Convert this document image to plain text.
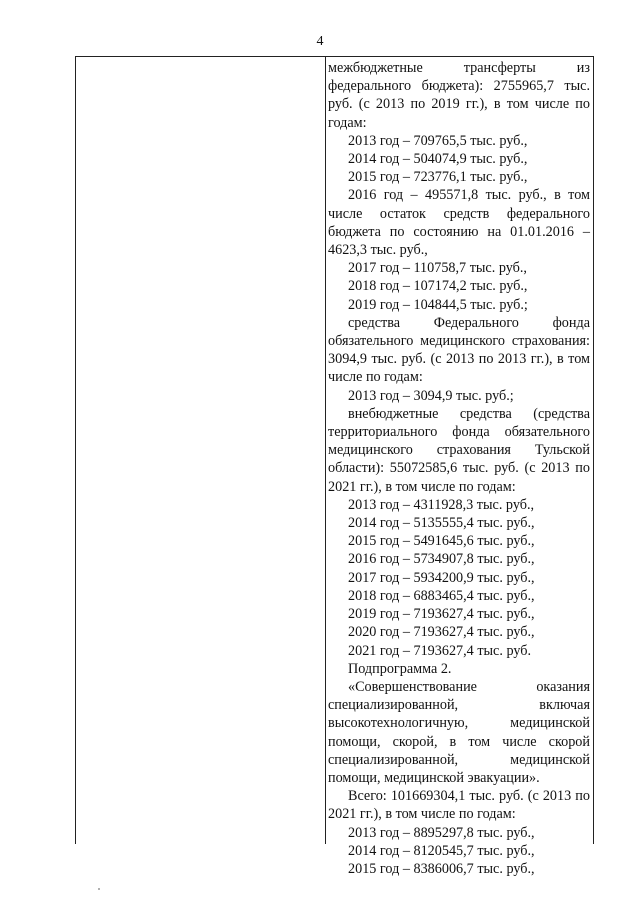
4

межбюджетные трансферты из федерального бюджета): 2755965,7 тыс. руб. (с 2013 по 2019 гг.), в том числе по годам:

2013 год – 709765,5 тыс. руб.,

2014 год – 504074,9 тыс. руб.,

2015 год – 723776,1 тыс. руб.,

2016 год – 495571,8 тыс. руб., в том числе остаток средств федерального бюджета по состоянию на 01.01.2016 – 4623,3 тыс. руб.,

2017 год – 110758,7 тыс. руб.,

2018 год – 107174,2 тыс. руб.,

2019 год – 104844,5 тыс. руб.;

средства Федерального фонда обязательного медицинского страхования: 3094,9 тыс. руб. (с 2013 по 2013 гг.), в том числе по годам:

2013 год – 3094,9 тыс. руб.;

внебюджетные средства (средства территориального фонда обязательного медицинского страхования Тульской области): 55072585,6 тыс. руб. (с 2013 по 2021 гг.), в том числе по годам:

2013 год – 4311928,3 тыс. руб.,

2014 год – 5135555,4 тыс. руб.,

2015 год – 5491645,6 тыс. руб.,

2016 год – 5734907,8 тыс. руб.,

2017 год – 5934200,9 тыс. руб.,

2018 год – 6883465,4 тыс. руб.,

2019 год – 7193627,4 тыс. руб.,

2020 год – 7193627,4 тыс. руб.,

2021 год – 7193627,4 тыс. руб.

Подпрограмма 2.

«Совершенствование оказания специализированной, включая высокотехнологичную, медицинской помощи, скорой, в том числе скорой специализированной, медицинской помощи, медицинской эвакуации».

Всего: 101669304,1 тыс. руб. (с 2013 по 2021 гг.), в том числе по годам:

2013 год – 8895297,8 тыс. руб.,

2014 год – 8120545,7 тыс. руб.,

2015 год – 8386006,7 тыс. руб.,
